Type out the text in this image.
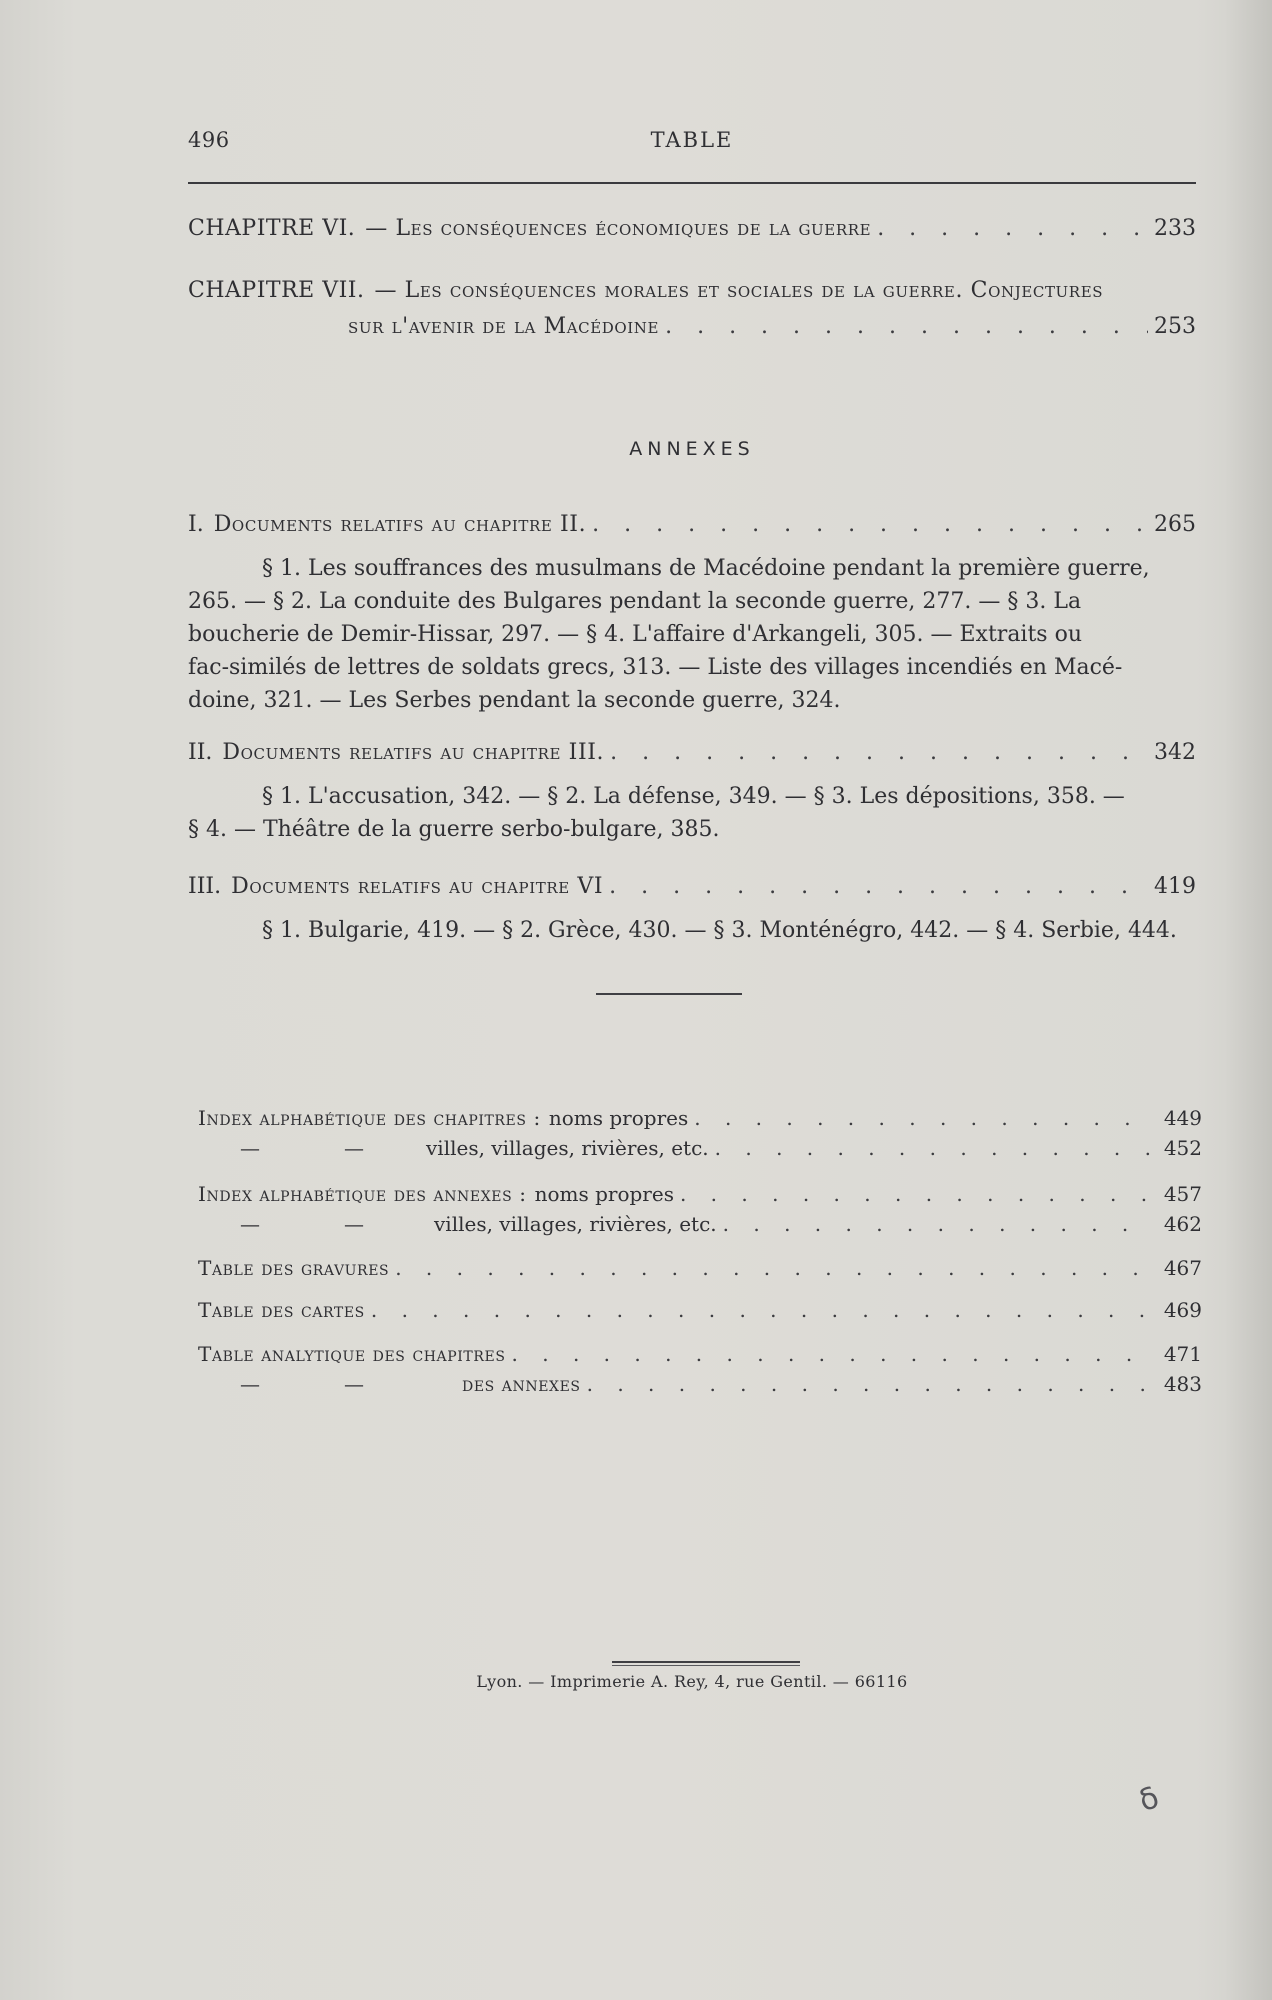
496	TABLE
CHAPITRE VI. — Les conséquences économiques de la guerre . . .	233
CHAPITRE VII. — Les conséquences morales et sociales de la guerre. Conjectures
sur l'avenir de la Macédoine . . .	253
ANNEXES
I. Documents relatifs au chapitre II. . . .	265
§ 1. Les souffrances des musulmans de Macédoine pendant la première guerre,
265. — § 2. La conduite des Bulgares pendant la seconde guerre, 277. — § 3. La
boucherie de Demir-Hissar, 297. — § 4. L'affaire d'Arkangeli, 305. — Extraits ou
fac-similés de lettres de soldats grecs, 313. — Liste des villages incendiés en Macé-
doine, 321. — Les Serbes pendant la seconde guerre, 324.
II. Documents relatifs au chapitre III. . . .	342
§ 1. L'accusation, 342. — § 2. La défense, 349. — § 3. Les dépositions, 358. —
§ 4. — Théâtre de la guerre serbo-bulgare, 385.
III. Documents relatifs au chapitre VI . . .	419
§ 1. Bulgarie, 419. — § 2. Grèce, 430. — § 3. Monténégro, 442. — § 4. Serbie, 444.
Index alphabétique des chapitres : noms propres . . .	449
—	—	villes, villages, rivières, etc. . . .	452
Index alphabétique des annexes : noms propres . . .	457
—	—	villes, villages, rivières, etc. . . .	462
Table des gravures . . .	467
Table des cartes . . .	469
Table analytique des chapitres . . .	471
—	—	des annexes . . .	483
Lyon. — Imprimerie A. Rey, 4, rue Gentil. — 66116
ẟ
